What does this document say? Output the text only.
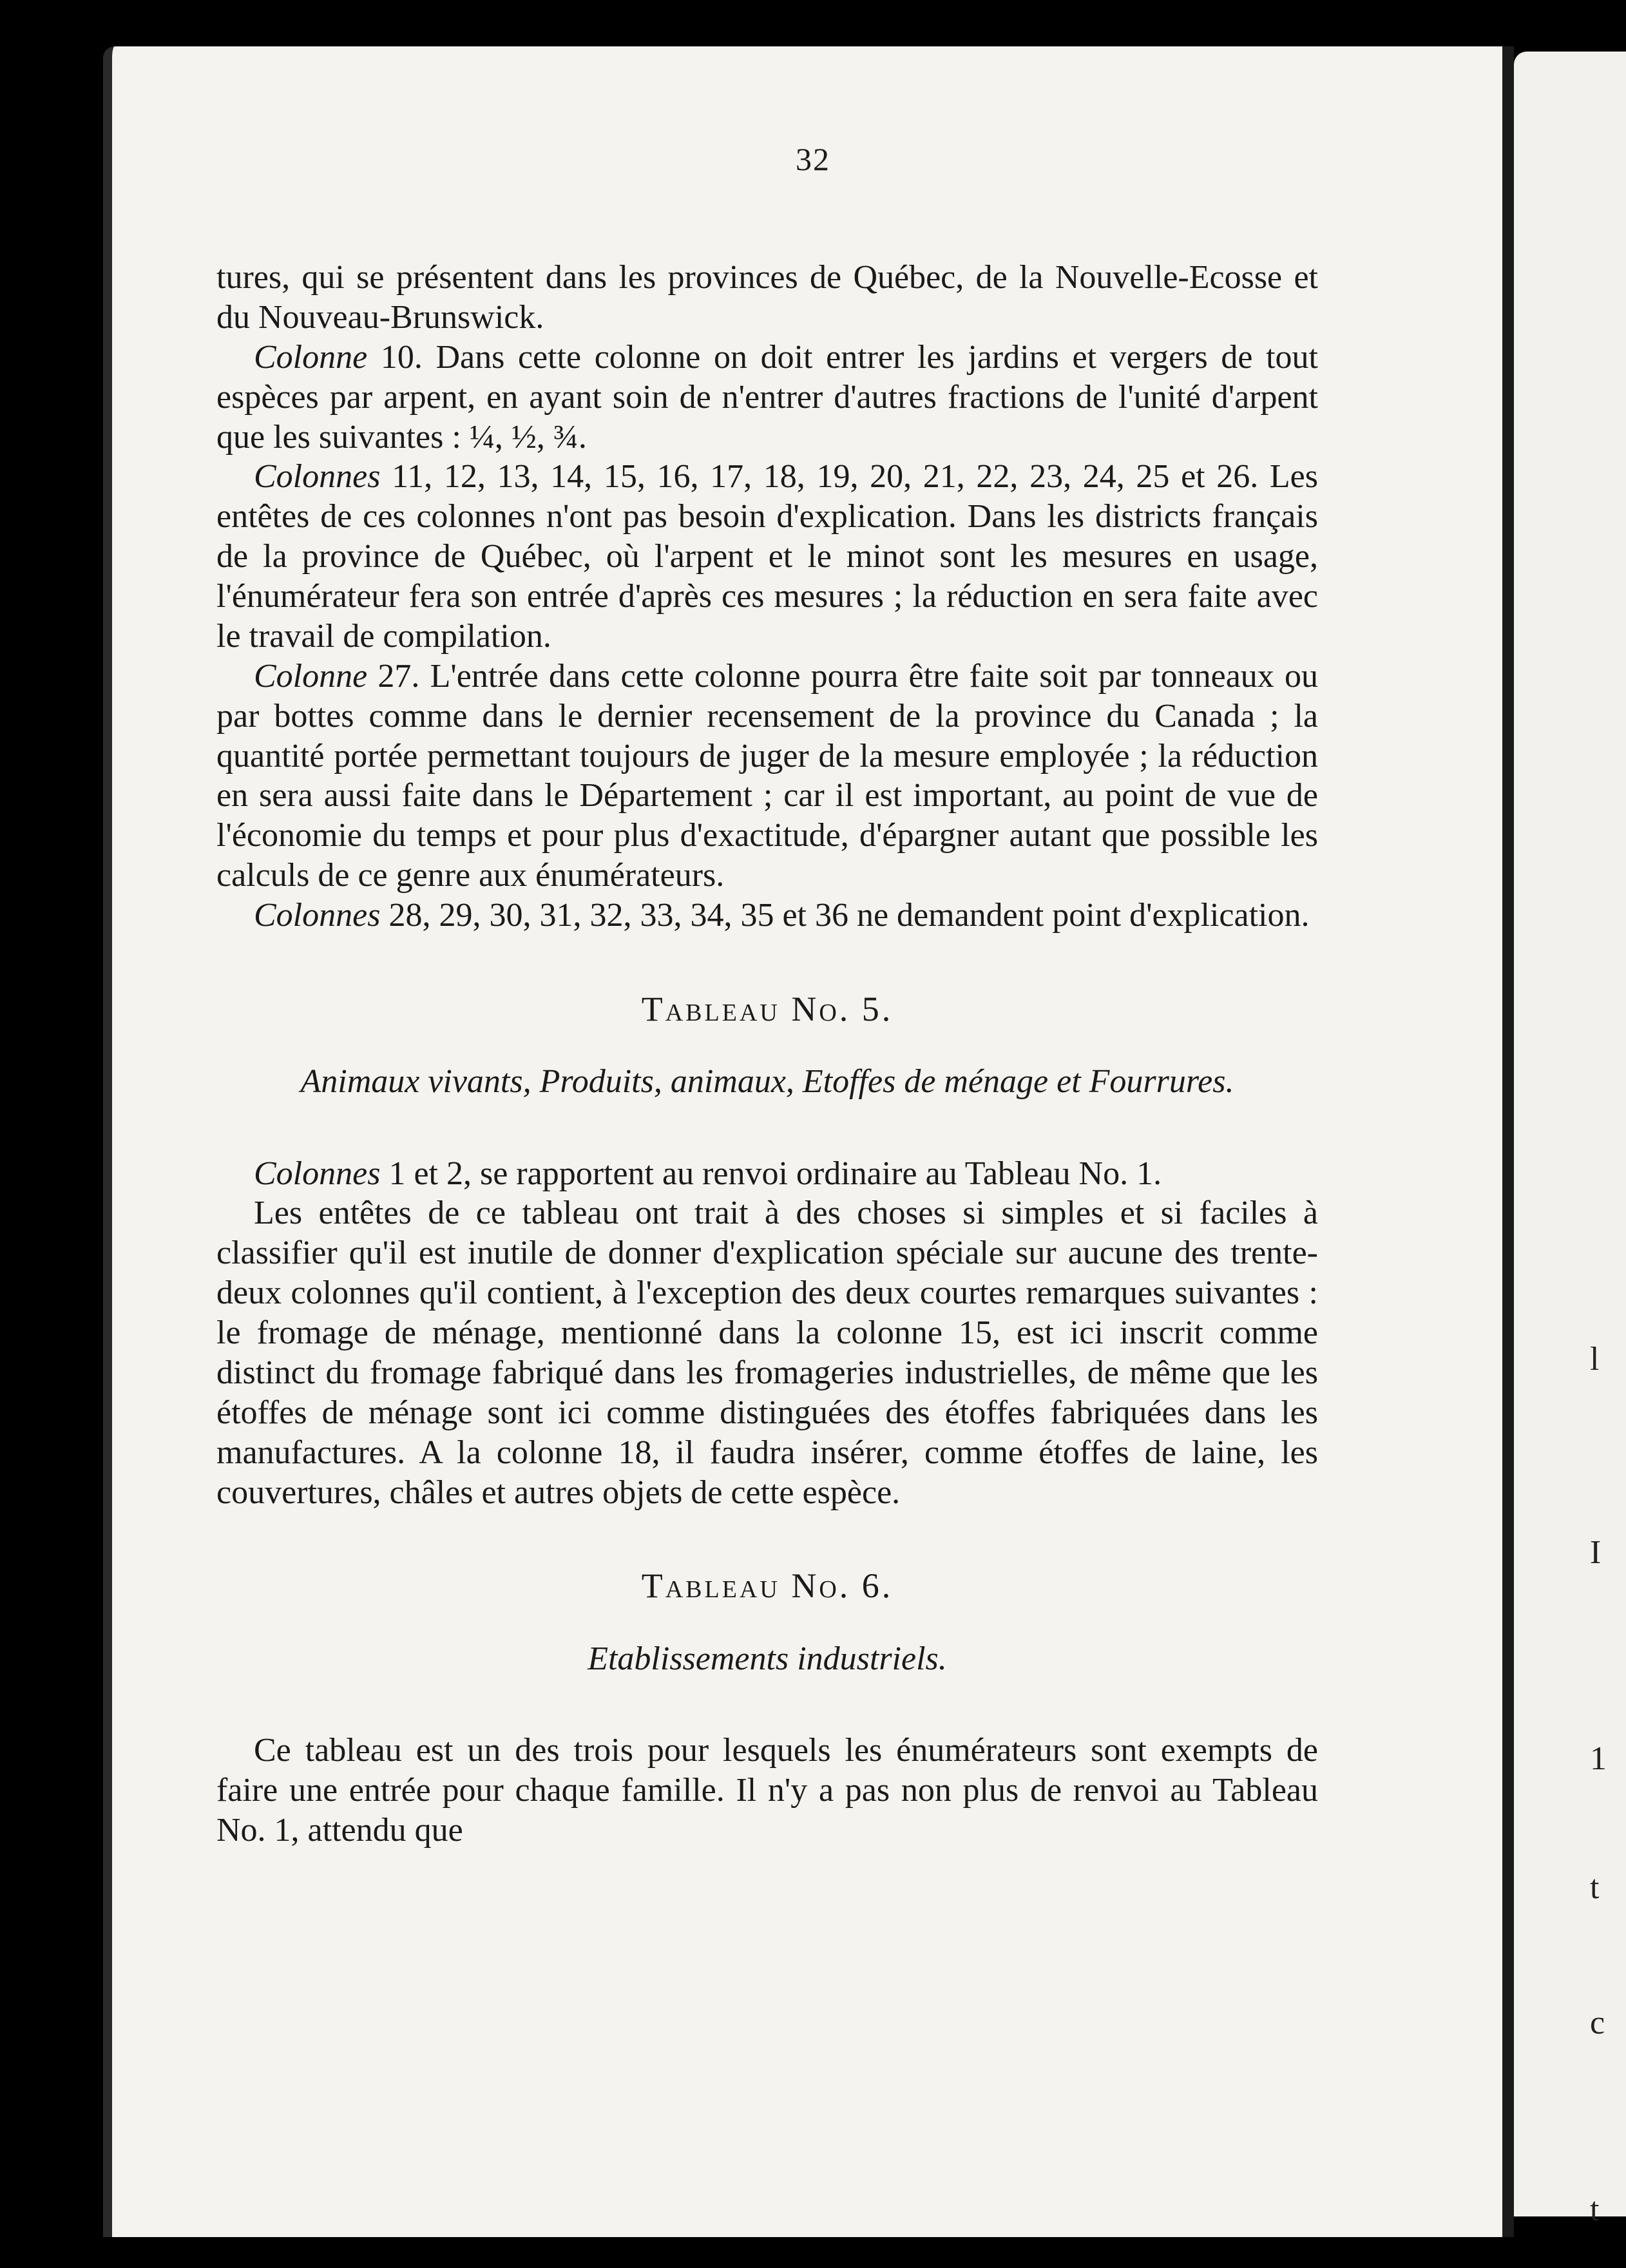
l
I
1
t
c
t
32

tures, qui se présentent dans les provinces de Québec, de la Nouvelle-Ecosse et du Nouveau-Brunswick.

Colonne 10. Dans cette colonne on doit entrer les jardins et vergers de tout espèces par arpent, en ayant soin de n'entrer d'autres fractions de l'unité d'arpent que les suivantes : ¼, ½, ¾.

Colonnes 11, 12, 13, 14, 15, 16, 17, 18, 19, 20, 21, 22, 23, 24, 25 et 26. Les entêtes de ces colonnes n'ont pas besoin d'explication. Dans les districts français de la province de Québec, où l'arpent et le minot sont les mesures en usage, l'énumérateur fera son entrée d'après ces mesures ; la réduction en sera faite avec le travail de compilation.

Colonne 27. L'entrée dans cette colonne pourra être faite soit par tonneaux ou par bottes comme dans le dernier recensement de la province du Canada ; la quantité portée permettant toujours de juger de la mesure employée ; la réduction en sera aussi faite dans le Département ; car il est important, au point de vue de l'économie du temps et pour plus d'exactitude, d'épargner autant que possible les calculs de ce genre aux énumérateurs.

Colonnes 28, 29, 30, 31, 32, 33, 34, 35 et 36 ne demandent point d'explication.

Tableau No. 5.
Animaux vivants, Produits, animaux, Etoffes de ménage et Fourrures.

Colonnes 1 et 2, se rapportent au renvoi ordinaire au Tableau No. 1.

Les entêtes de ce tableau ont trait à des choses si simples et si faciles à classifier qu'il est inutile de donner d'explication spéciale sur aucune des trente-deux colonnes qu'il contient, à l'exception des deux courtes remarques suivantes : le fromage de ménage, mentionné dans la colonne 15, est ici inscrit comme distinct du fromage fabriqué dans les fromageries industrielles, de même que les étoffes de ménage sont ici comme distinguées des étoffes fabriquées dans les manufactures. A la colonne 18, il faudra insérer, comme étoffes de laine, les couvertures, châles et autres objets de cette espèce.

Tableau No. 6.
Etablissements industriels.

Ce tableau est un des trois pour lesquels les énumérateurs sont exempts de faire une entrée pour chaque famille. Il n'y a pas non plus de renvoi au Tableau No. 1, attendu que
